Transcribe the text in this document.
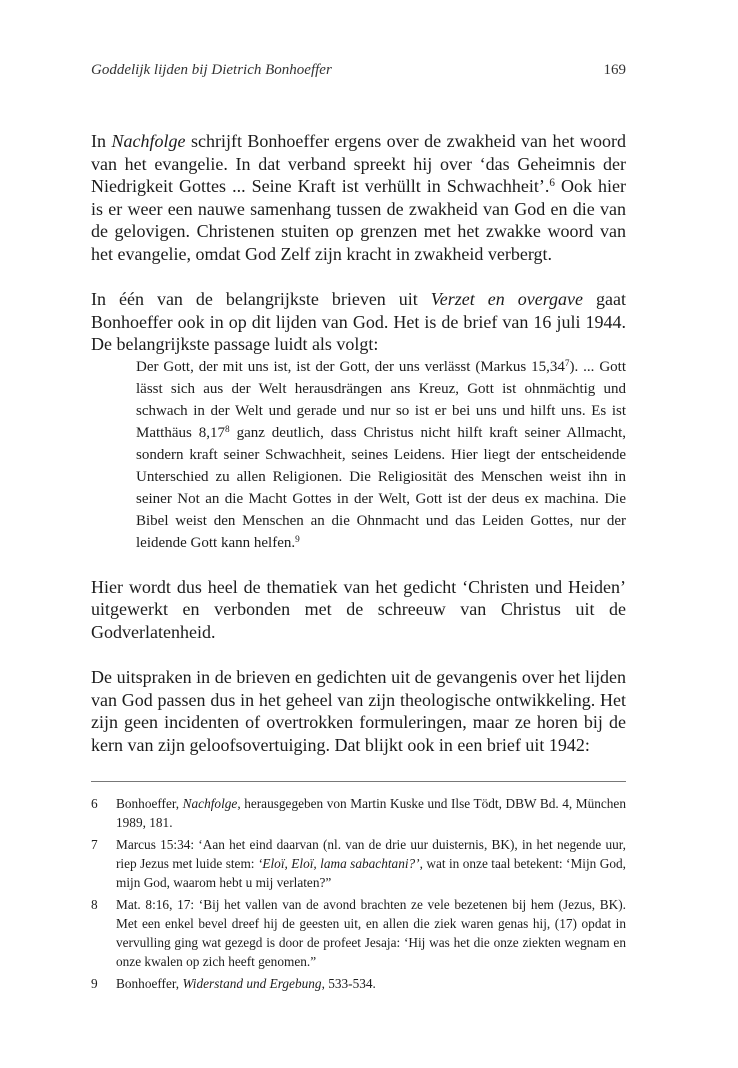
Goddelijk lijden bij Dietrich Bonhoeffer	169

In Nachfolge schrijft Bonhoeffer ergens over de zwakheid van het woord van het evangelie. In dat verband spreekt hij over ‘das Geheimnis der Niedrigkeit Gottes ... Seine Kraft ist verhüllt in Schwachheit’.$^6$ Ook hier is er weer een nauwe samenhang tussen de zwakheid van God en die van de gelovigen. Christenen stuiten op grenzen met het zwakke woord van het evangelie, omdat God Zelf zijn kracht in zwakheid verbergt.

In één van de belangrijkste brieven uit Verzet en overgave gaat Bonhoeffer ook in op dit lijden van God. Het is de brief van 16 juli 1944. De belangrijkste passage luidt als volgt:

Der Gott, der mit uns ist, ist der Gott, der uns verlässt (Markus 15,34$^7$). ... Gott lässt sich aus der Welt herausdrängen ans Kreuz, Gott ist ohnmächtig und schwach in der Welt und gerade und nur so ist er bei uns und hilft uns. Es ist Matthäus 8,17$^8$ ganz deutlich, dass Christus nicht hilft kraft seiner Allmacht, sondern kraft seiner Schwachheit, seines Leidens. Hier liegt der entscheidende Unterschied zu allen Religionen. Die Religiosität des Menschen weist ihn in seiner Not an die Macht Gottes in der Welt, Gott ist der deus ex machina. Die Bibel weist den Menschen an die Ohnmacht und das Leiden Gottes, nur der leidende Gott kann helfen.$^9$

Hier wordt dus heel de thematiek van het gedicht ‘Christen und Heiden’ uitgewerkt en verbonden met de schreeuw van Christus uit de Godverlatenheid.

De uitspraken in de brieven en gedichten uit de gevangenis over het lijden van God passen dus in het geheel van zijn theologische ontwikkeling. Het zijn geen incidenten of overtrokken formuleringen, maar ze horen bij de kern van zijn geloofsovertuiging. Dat blijkt ook in een brief uit 1942:

6	Bonhoeffer, Nachfolge, herausgegeben von Martin Kuske und Ilse Tödt, DBW Bd. 4, München 1989, 181.
7	Marcus 15:34: ‘Aan het eind daarvan (nl. van de drie uur duisternis, BK), in het negende uur, riep Jezus met luide stem: ‘Eloï, Eloï, lama sabachtani?’, wat in onze taal betekent: ‘Mijn God, mijn God, waarom hebt u mij verlaten?”
8	Mat. 8:16, 17: ‘Bij het vallen van de avond brachten ze vele bezetenen bij hem (Jezus, BK). Met een enkel bevel dreef hij de geesten uit, en allen die ziek waren genas hij, (17) opdat in vervulling ging wat gezegd is door de profeet Jesaja: ‘Hij was het die onze ziekten wegnam en onze kwalen op zich heeft genomen.”
9	Bonhoeffer, Widerstand und Ergebung, 533-534.
